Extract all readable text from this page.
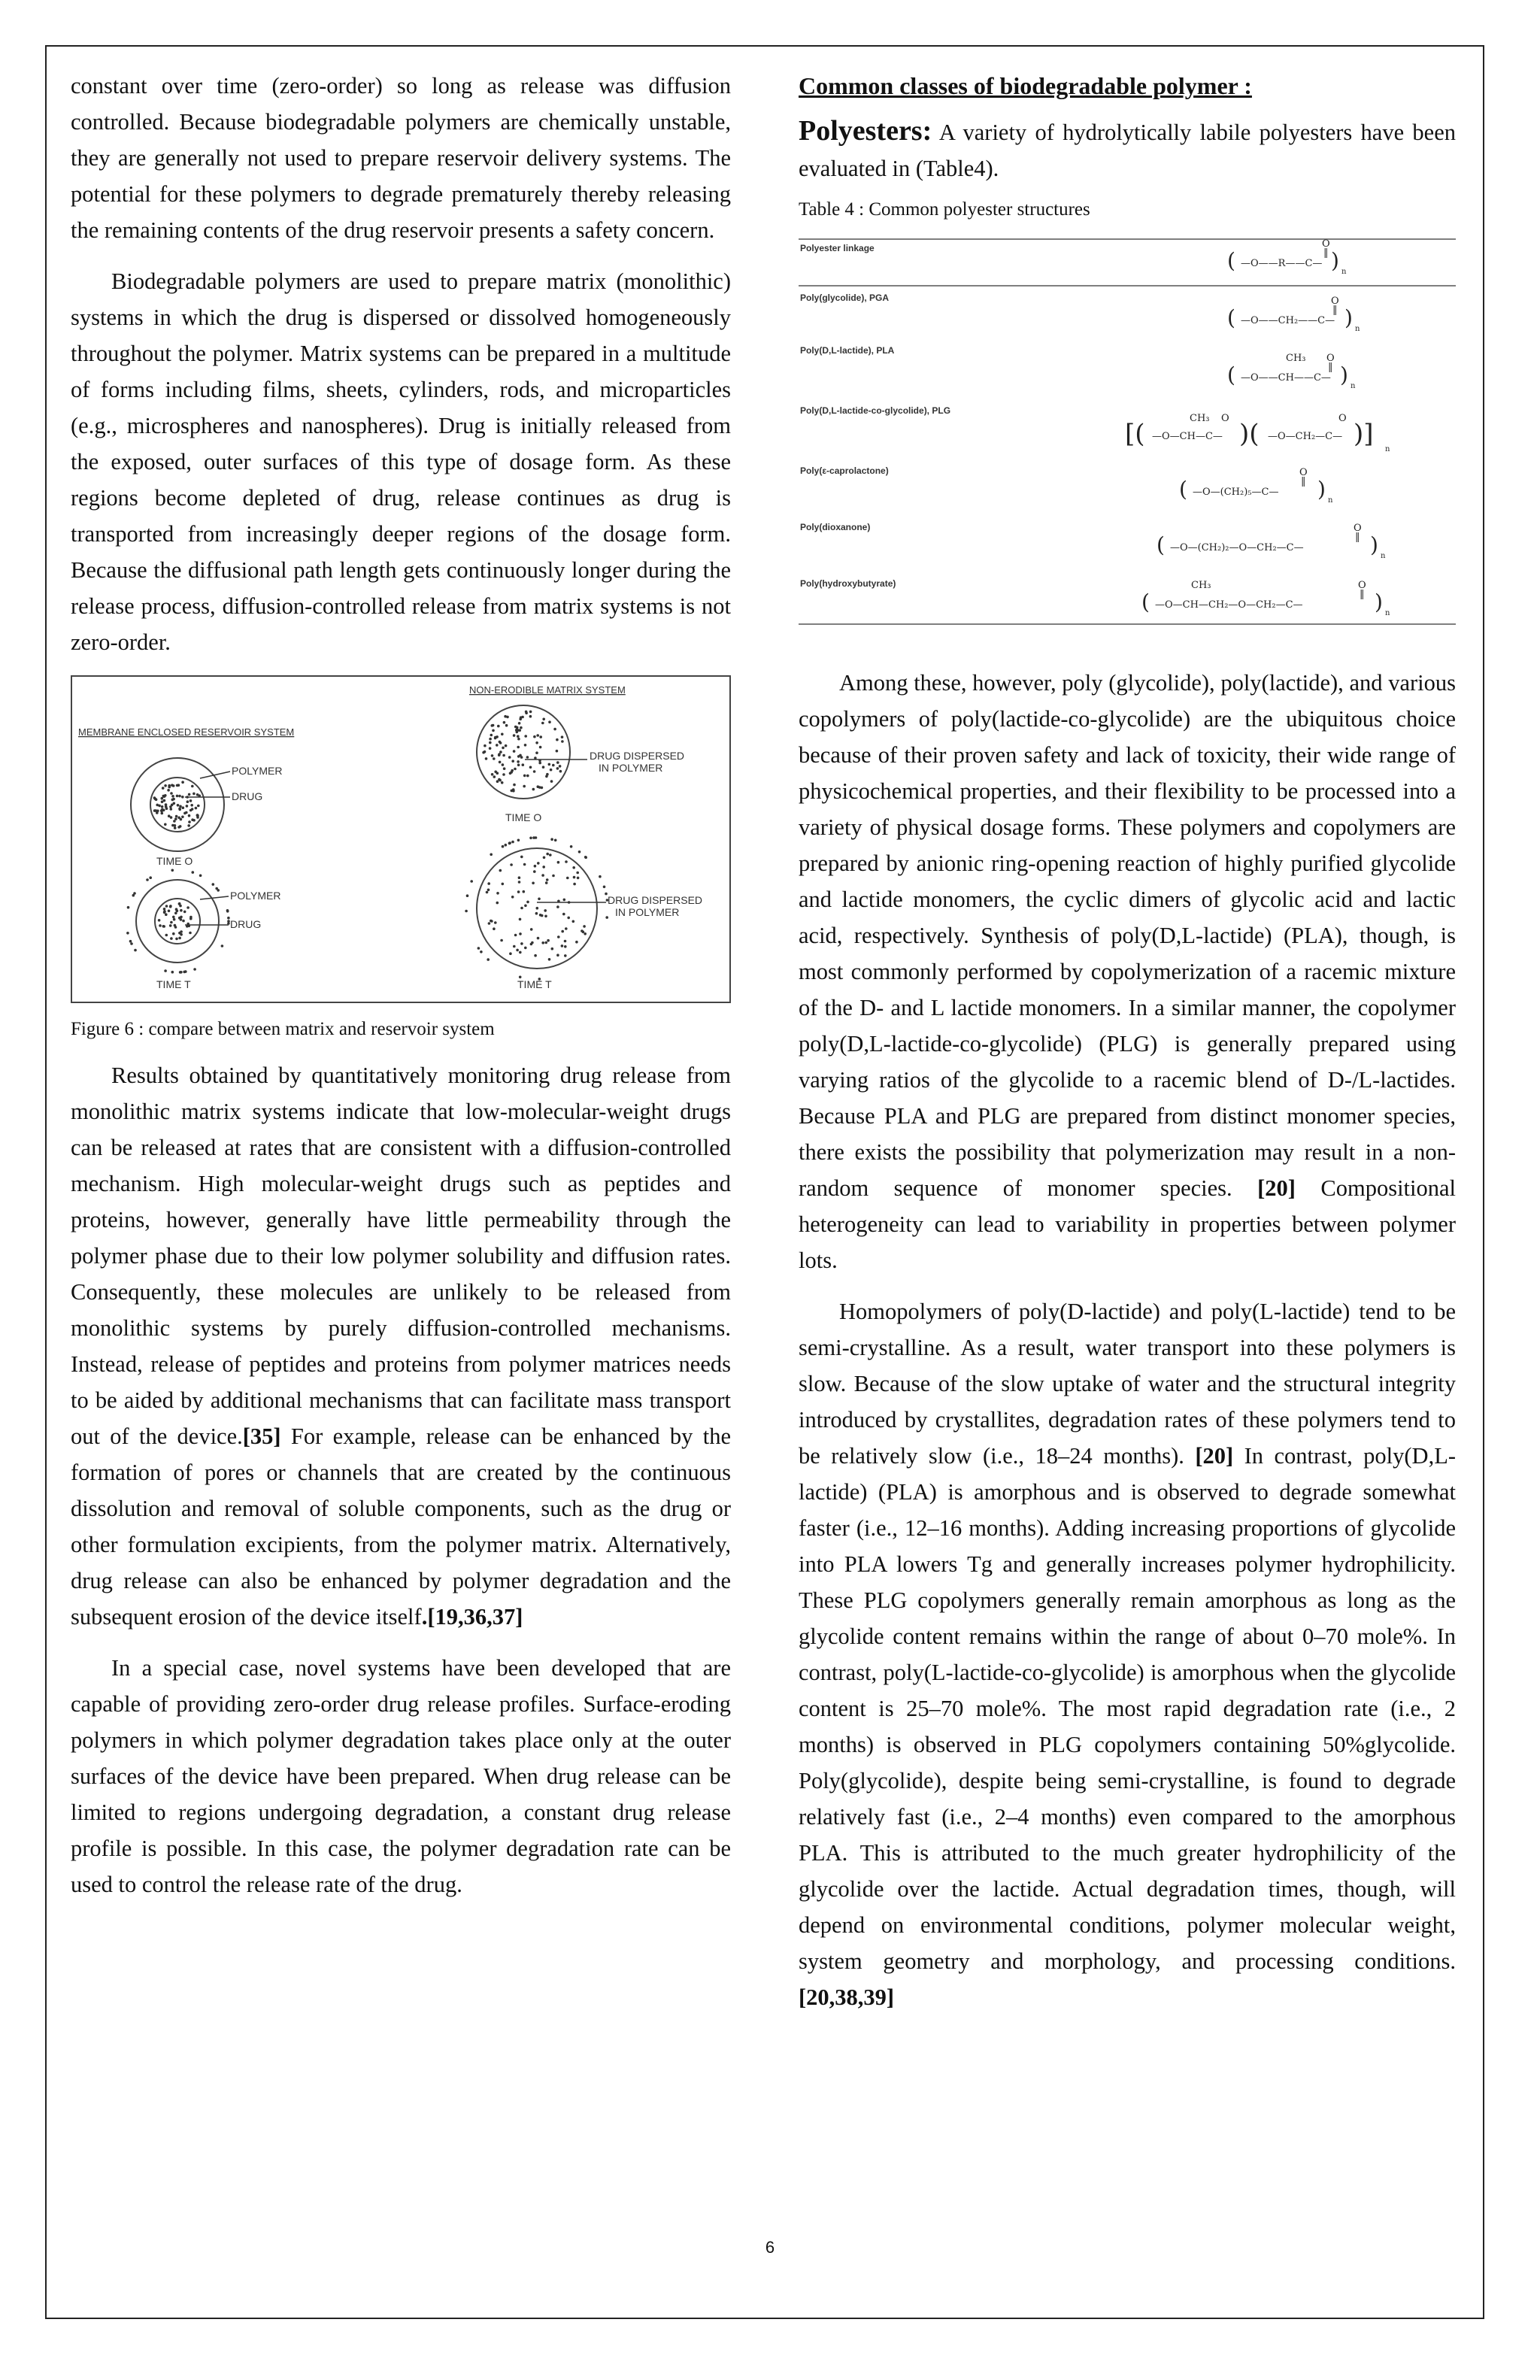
constant over time (zero-order) so long as release was diffusion controlled. Because biodegradable polymers are chemically unstable, they are generally not used to prepare reservoir delivery systems. The potential for these polymers to degrade prematurely thereby releasing the remaining contents of the drug reservoir presents a safety concern.

Biodegradable polymers are used to prepare matrix (monolithic) systems in which the drug is dispersed or dissolved homogeneously throughout the polymer. Matrix systems can be prepared in a multitude of forms including films, sheets, cylinders, rods, and microparticles (e.g., microspheres and nanospheres). Drug is initially released from the exposed, outer surfaces of this type of dosage form. As these regions become depleted of drug, release continues as drug is transported from increasingly deeper regions of the dosage form. Because the diffusional path length gets continuously longer during the release process, diffusion-controlled release from matrix systems is not zero-order.

MEMBRANE ENCLOSED RESERVOIR SYSTEM
NON-ERODIBLE MATRIX SYSTEM
POLYMER
DRUG
TIME O
POLYMER
DRUG
TIME T
DRUG DISPERSED
IN POLYMER
TIME O
DRUG DISPERSED
IN POLYMER
TIME T

Figure 6 : compare between matrix and reservoir system

Results obtained by quantitatively monitoring drug release from monolithic matrix systems indicate that low-molecular-weight drugs can be released at rates that are consistent with a diffusion-controlled mechanism. High molecular-weight drugs such as peptides and proteins, however, generally have little permeability through the polymer phase due to their low polymer solubility and diffusion rates. Consequently, these molecules are unlikely to be released from monolithic systems by purely diffusion-controlled mechanisms. Instead, release of peptides and proteins from polymer matrices needs to be aided by additional mechanisms that can facilitate mass transport out of the device.[35] For example, release can be enhanced by the formation of pores or channels that are created by the continuous dissolution and removal of soluble components, such as the drug or other formulation excipients, from the polymer matrix. Alternatively, drug release can also be enhanced by polymer degradation and the subsequent erosion of the device itself.[19,36,37]

In a special case, novel systems have been developed that are capable of providing zero-order drug release profiles. Surface-eroding polymers in which polymer degradation takes place only at the outer surfaces of the device have been prepared. When drug release can be limited to regions undergoing degradation, a constant drug release profile is possible. In this case, the polymer degradation rate can be used to control the release rate of the drug.

Common classes of biodegradable polymer :

Polyesters: A variety of hydrolytically labile polyesters have been evaluated in (Table4).

Table 4 : Common polyester structures
Polyester linkage
Poly(glycolide), PGA
Poly(D,L-lactide), PLA
Poly(D,L-lactide-co-glycolide), PLG
Poly(ε-caprolactone)
Poly(dioxanone)
Poly(hydroxybutyrate)
( —O——R——C—
O
‖ ) n
( —O——CH₂——C—
O
‖ ) n
( —O——CH——C—
CH₃ O
‖ ) n
[( —O—CH—C—
CH₃ O
)( —O—CH₂—C—
O
)]
n
( —O—(CH₂)₅—C—
O
‖ ) n
( —O—(CH₂)₂—O—CH₂—C—
O
‖ ) n
( —O—CH—CH₂—O—CH₂—C—
CH₃	O
‖ ) n

Among these, however, poly (glycolide), poly(lactide), and various copolymers of poly(lactide-co-glycolide) are the ubiquitous choice because of their proven safety and lack of toxicity, their wide range of physicochemical properties, and their flexibility to be processed into a variety of physical dosage forms. These polymers and copolymers are prepared by anionic ring-opening reaction of highly purified glycolide and lactide monomers, the cyclic dimers of glycolic acid and lactic acid, respectively. Synthesis of poly(D,L-lactide) (PLA), though, is most commonly performed by copolymerization of a racemic mixture of the D- and L lactide monomers. In a similar manner, the copolymer poly(D,L-lactide-co-glycolide) (PLG) is generally prepared using varying ratios of the glycolide to a racemic blend of D-/L-lactides. Because PLA and PLG are prepared from distinct monomer species, there exists the possibility that polymerization may result in a non-random sequence of monomer species. [20] Compositional heterogeneity can lead to variability in properties between polymer lots.

Homopolymers of poly(D-lactide) and poly(L-lactide) tend to be semi-crystalline. As a result, water transport into these polymers is slow. Because of the slow uptake of water and the structural integrity introduced by crystallites, degradation rates of these polymers tend to be relatively slow (i.e., 18–24 months). [20] In contrast, poly(D,L-lactide) (PLA) is amorphous and is observed to degrade somewhat faster (i.e., 12–16 months). Adding increasing proportions of glycolide into PLA lowers Tg and generally increases polymer hydrophilicity. These PLG copolymers generally remain amorphous as long as the glycolide content remains within the range of about 0–70 mole%. In contrast, poly(L-lactide-co-glycolide) is amorphous when the glycolide content is 25–70 mole%. The most rapid degradation rate (i.e., 2 months) is observed in PLG copolymers containing 50%glycolide. Poly(glycolide), despite being semi-crystalline, is found to degrade relatively fast (i.e., 2–4 months) even compared to the amorphous PLA. This is attributed to the much greater hydrophilicity of the glycolide over the lactide. Actual degradation times, though, will depend on environmental conditions, polymer molecular weight, system geometry and morphology, and processing conditions. [20,38,39]

6
